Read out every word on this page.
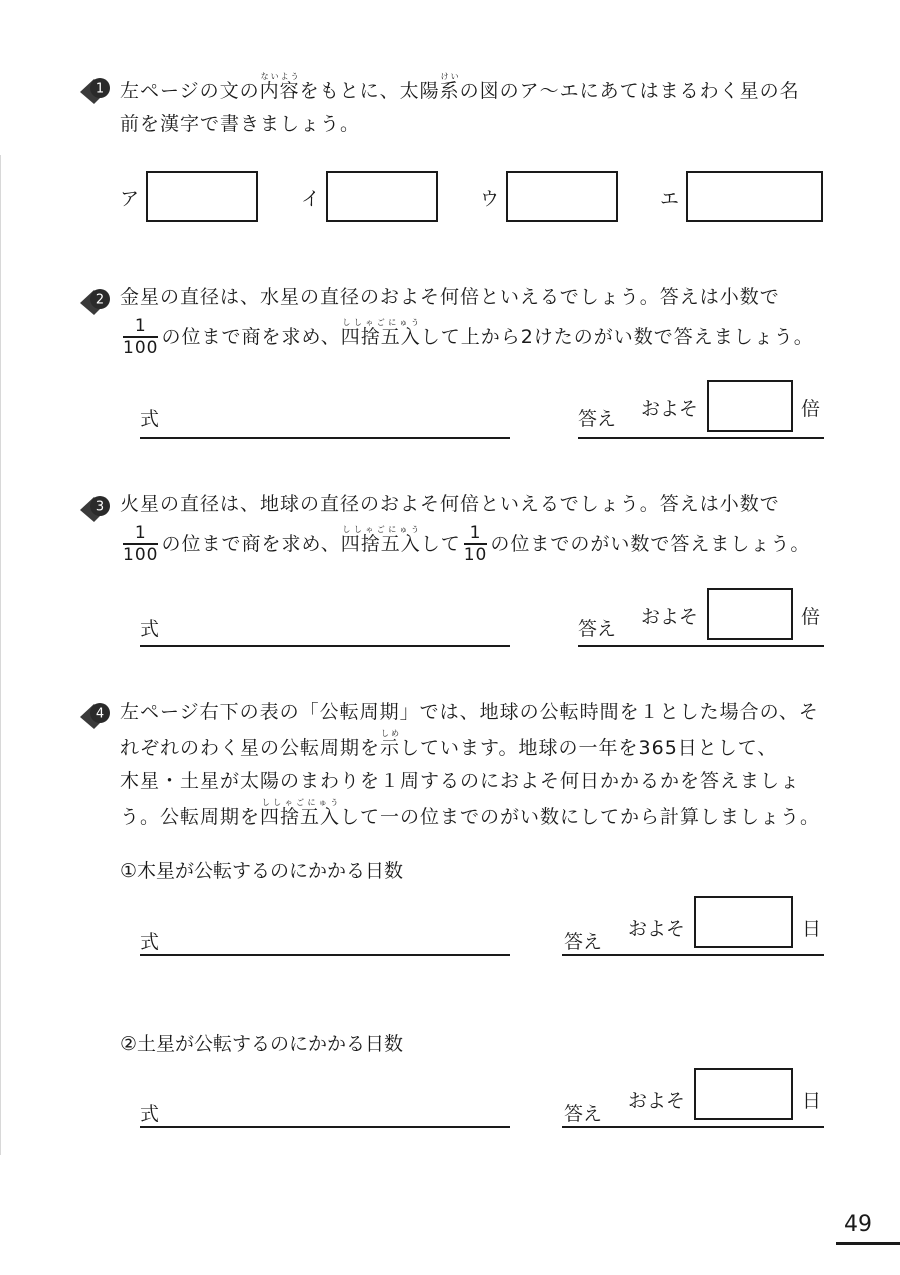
1 左ページの文の内容ないようをもとに、太陽系けいの図のア～エにあてはまるわく星の名
前を漢字で書きましょう。
ア	イ	ウ	エ
2 金星の直径は、水星の直径のおよそ何倍といえるでしょう。答えは小数で
$\frac{1}{100}$ の位まで商を求め、四捨五入ししゃごにゅうして上から2けたのがい数で答えましょう。
式	答え およそ	倍
3 火星の直径は、地球の直径のおよそ何倍といえるでしょう。答えは小数で
$\frac{1}{100}$ の位まで商を求め、四捨五入ししゃごにゅうして $\frac{1}{10}$ の位までのがい数で答えましょう。
式	答え
およそ	倍
4 左ページ右下の表の「公転周期」では、地球の公転時間を１とした場合の、そ
れぞれのわく星の公転周期を示しめしています。地球の一年を365日として、
木星・土星が太陽のまわりを１周するのにおよそ何日かかるかを答えましょ
う。公転周期を四捨五入ししゃごにゅうして一の位までのがい数にしてから計算しましょう。
①木星が公転するのにかかる日数
式	答え
およそ	日
②土星が公転するのにかかる日数
式	答え
およそ	日
49
